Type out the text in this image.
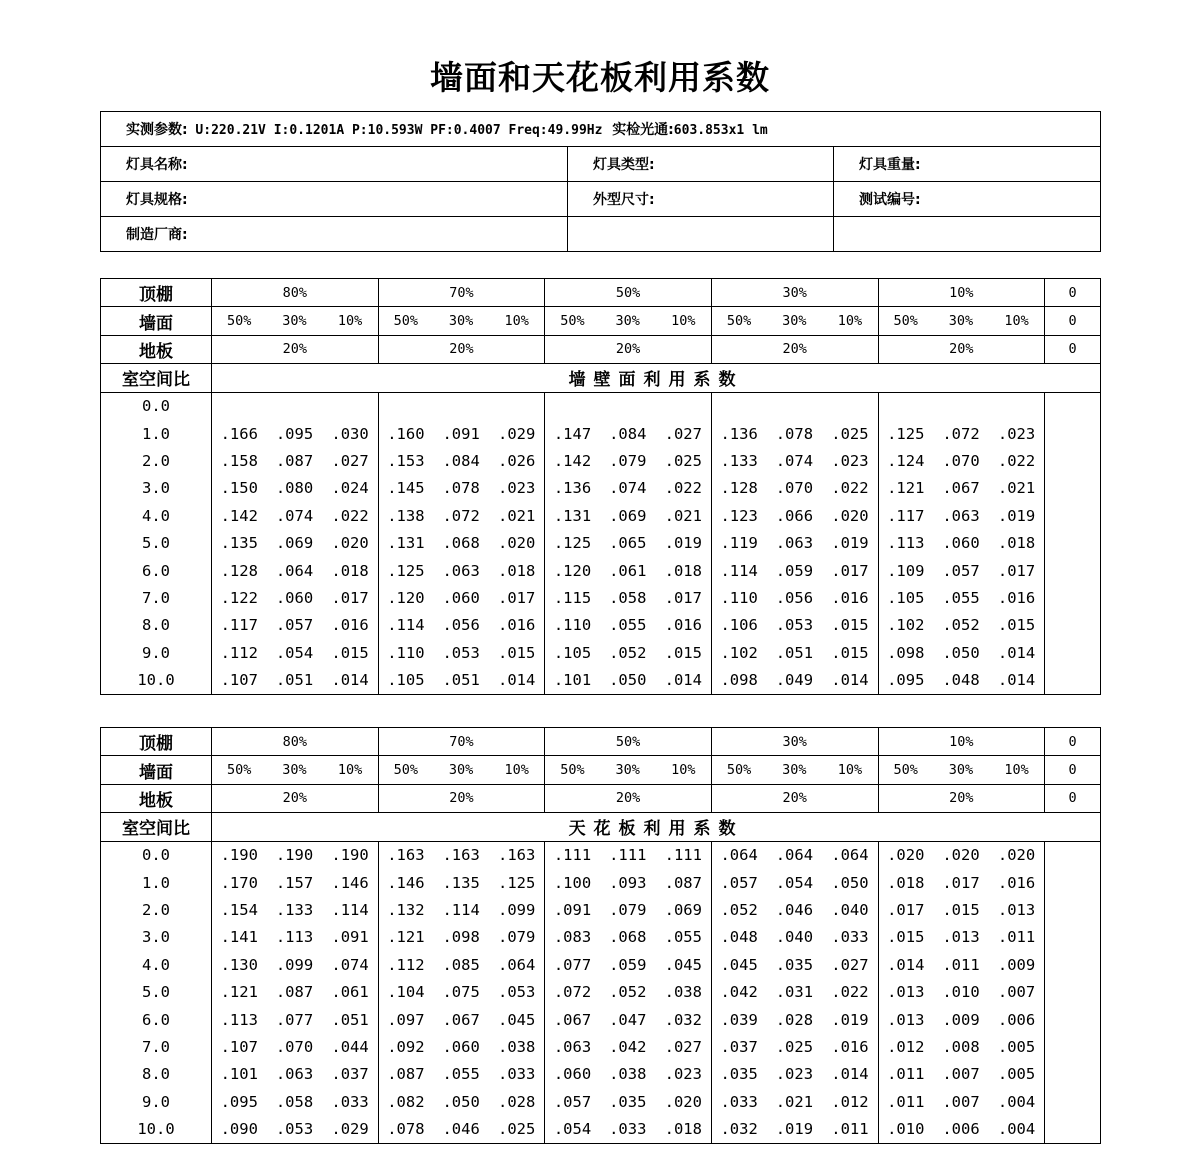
墙面和天花板利用系数
实测参数: U:220.21V I:0.1201A P:10.593W PF:0.4007 Freq:49.99Hz 实检光通:603.853x1 lm		
灯具名称:	灯具类型:	灯具重量:
灯具规格:	外型尺寸:	测试编号:
制造厂商:		
顶棚	80%			70%			50%			30%			10%			0
墙面	50%	30%	10%	50%	30%	10%	50%	30%	10%	50%	30%	10%	50%	30%	10%	0
地板	20%			20%			20%			20%			20%			0
室空间比	墙壁面利用系数															
0.0																
1.0	.166	.095	.030	.160	.091	.029	.147	.084	.027	.136	.078	.025	.125	.072	.023	
2.0	.158	.087	.027	.153	.084	.026	.142	.079	.025	.133	.074	.023	.124	.070	.022	
3.0	.150	.080	.024	.145	.078	.023	.136	.074	.022	.128	.070	.022	.121	.067	.021	
4.0	.142	.074	.022	.138	.072	.021	.131	.069	.021	.123	.066	.020	.117	.063	.019	
5.0	.135	.069	.020	.131	.068	.020	.125	.065	.019	.119	.063	.019	.113	.060	.018	
6.0	.128	.064	.018	.125	.063	.018	.120	.061	.018	.114	.059	.017	.109	.057	.017	
7.0	.122	.060	.017	.120	.060	.017	.115	.058	.017	.110	.056	.016	.105	.055	.016	
8.0	.117	.057	.016	.114	.056	.016	.110	.055	.016	.106	.053	.015	.102	.052	.015	
9.0	.112	.054	.015	.110	.053	.015	.105	.052	.015	.102	.051	.015	.098	.050	.014	
10.0	.107	.051	.014	.105	.051	.014	.101	.050	.014	.098	.049	.014	.095	.048	.014	
顶棚	80%			70%			50%			30%			10%			0
墙面	50%	30%	10%	50%	30%	10%	50%	30%	10%	50%	30%	10%	50%	30%	10%	0
地板	20%			20%			20%			20%			20%			0
室空间比	天花板利用系数															
0.0	.190	.190	.190	.163	.163	.163	.111	.111	.111	.064	.064	.064	.020	.020	.020	
1.0	.170	.157	.146	.146	.135	.125	.100	.093	.087	.057	.054	.050	.018	.017	.016	
2.0	.154	.133	.114	.132	.114	.099	.091	.079	.069	.052	.046	.040	.017	.015	.013	
3.0	.141	.113	.091	.121	.098	.079	.083	.068	.055	.048	.040	.033	.015	.013	.011	
4.0	.130	.099	.074	.112	.085	.064	.077	.059	.045	.045	.035	.027	.014	.011	.009	
5.0	.121	.087	.061	.104	.075	.053	.072	.052	.038	.042	.031	.022	.013	.010	.007	
6.0	.113	.077	.051	.097	.067	.045	.067	.047	.032	.039	.028	.019	.013	.009	.006	
7.0	.107	.070	.044	.092	.060	.038	.063	.042	.027	.037	.025	.016	.012	.008	.005	
8.0	.101	.063	.037	.087	.055	.033	.060	.038	.023	.035	.023	.014	.011	.007	.005	
9.0	.095	.058	.033	.082	.050	.028	.057	.035	.020	.033	.021	.012	.011	.007	.004	
10.0	.090	.053	.029	.078	.046	.025	.054	.033	.018	.032	.019	.011	.010	.006	.004	
